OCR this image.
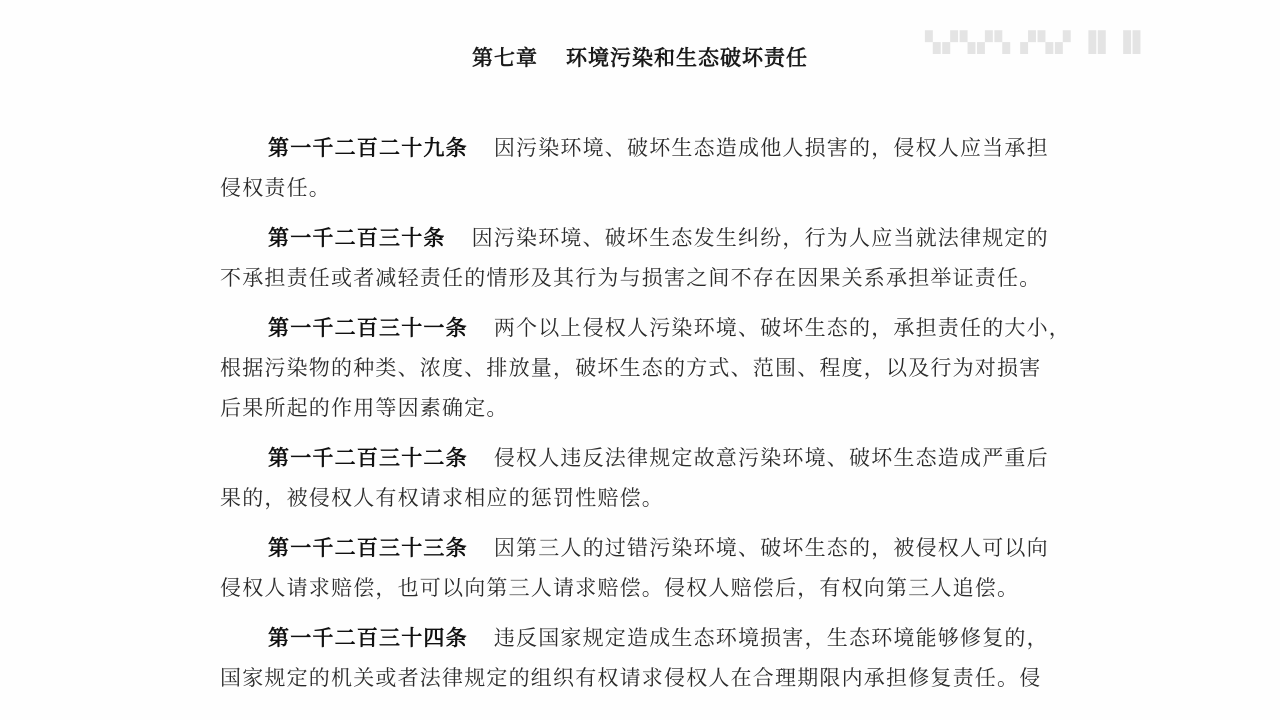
第七章 环境污染和生态破坏责任
▚▞▚▞▚ ▞▚▞ ▐▌▐▌
第一千二百二十九条 因污染环境、破坏生态造成他人损害的，侵权人应当承担
侵权责任。
第一千二百三十条 因污染环境、破坏生态发生纠纷，行为人应当就法律规定的
不承担责任或者减轻责任的情形及其行为与损害之间不存在因果关系承担举证责任。
第一千二百三十一条 两个以上侵权人污染环境、破坏生态的，承担责任的大小，
根据污染物的种类、浓度、排放量，破坏生态的方式、范围、程度，以及行为对损害
后果所起的作用等因素确定。
第一千二百三十二条 侵权人违反法律规定故意污染环境、破坏生态造成严重后
果的，被侵权人有权请求相应的惩罚性赔偿。
第一千二百三十三条 因第三人的过错污染环境、破坏生态的，被侵权人可以向
侵权人请求赔偿，也可以向第三人请求赔偿。侵权人赔偿后，有权向第三人追偿。
第一千二百三十四条 违反国家规定造成生态环境损害，生态环境能够修复的，
国家规定的机关或者法律规定的组织有权请求侵权人在合理期限内承担修复责任。侵
